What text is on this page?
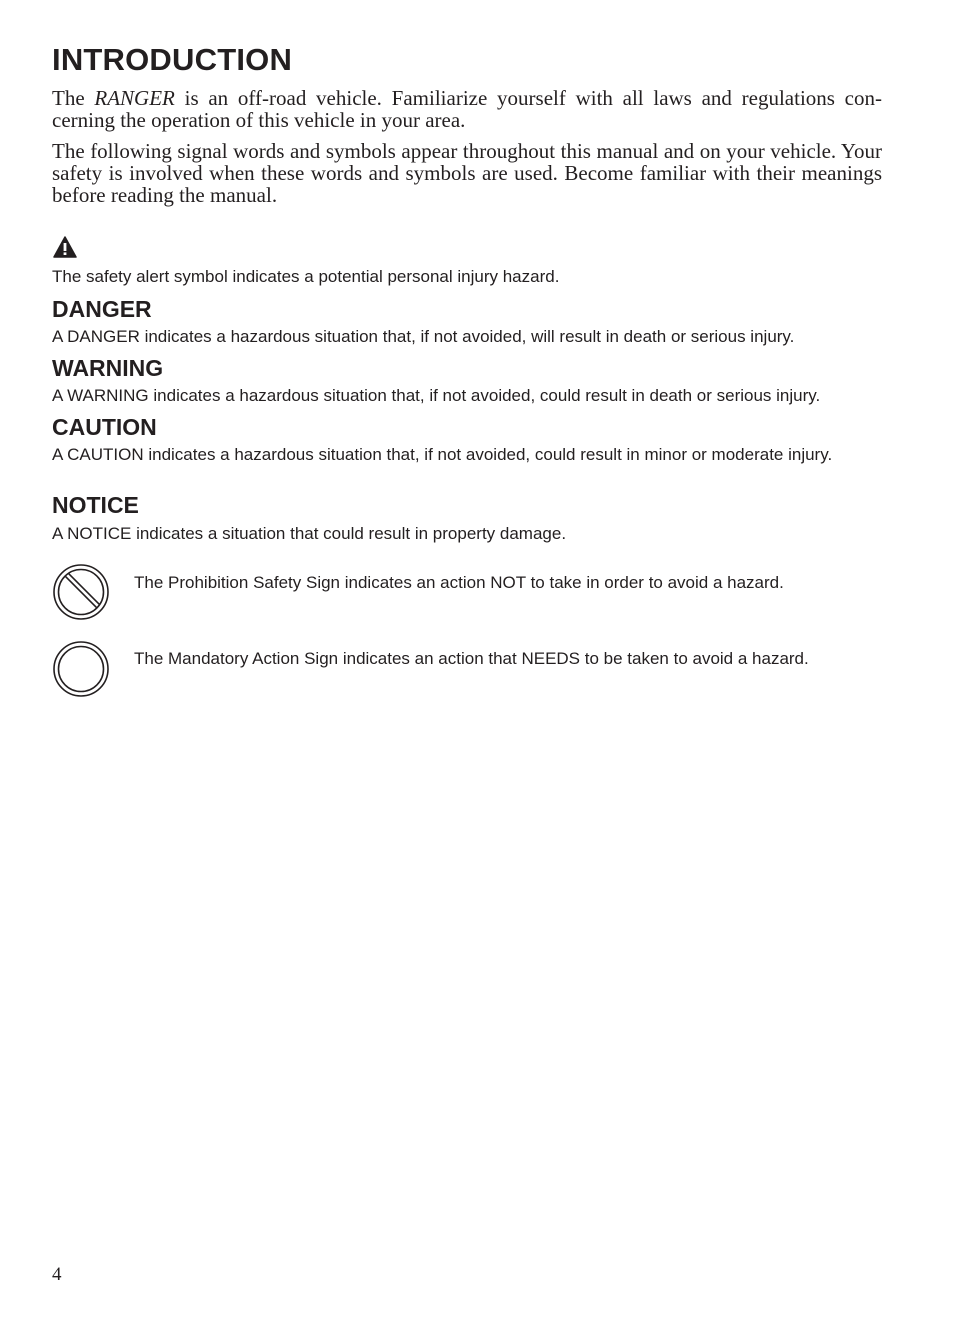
INTRODUCTION

The RANGER is an off-road vehicle. Familiarize yourself with all laws and regulations con-cerning the operation of this vehicle in your area.

The following signal words and symbols appear throughout this manual and on your vehicle. Your safety is involved when these words and symbols are used. Become familiar with their meanings before reading the manual.

The safety alert symbol indicates a potential personal injury hazard.

DANGER

A DANGER indicates a hazardous situation that, if not avoided, will result in death or serious injury.

WARNING

A WARNING indicates a hazardous situation that, if not avoided, could result in death or serious injury.

CAUTION

A CAUTION indicates a hazardous situation that, if not avoided, could result in minor or moderate injury.

NOTICE

A NOTICE indicates a situation that could result in property damage.

The Prohibition Safety Sign indicates an action NOT to take in order to avoid a hazard.

The Mandatory Action Sign indicates an action that NEEDS to be taken to avoid a hazard.

4
